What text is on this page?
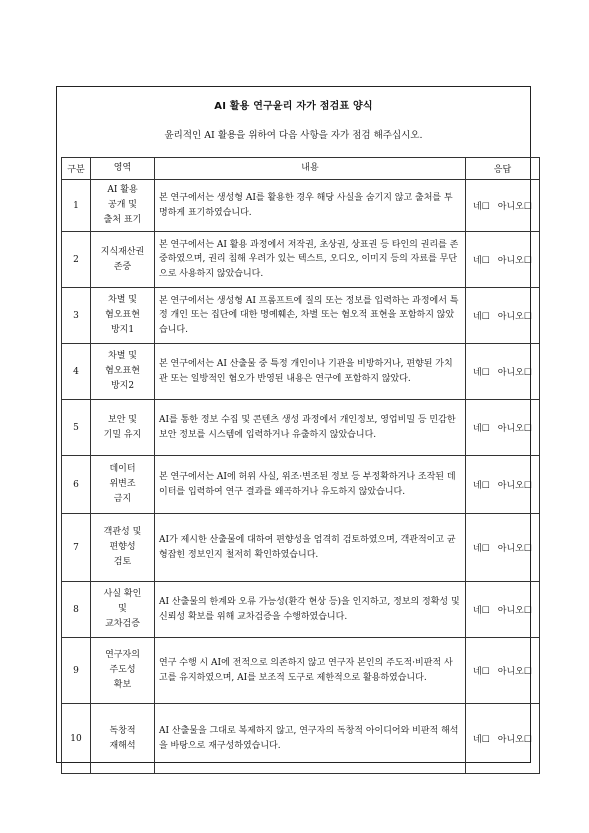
AI 활용 연구윤리 자가 점검표 양식
윤리적인 AI 활용을 위하여 다음 사항을 자가 점검 해주십시오.
구분	영역	내용	응답
1	AI 활용
공개 및
출처 표기	본 연구에서는 생성형 AI를 활용한 경우 해당 사실을 숨기지 않고 출처를 투명하게 표기하였습니다.	네☐ 아니오☐
2	지식재산권
존중	본 연구에서는 AI 활용 과정에서 저작권, 초상권, 상표권 등 타인의 권리를 존중하였으며, 권리 침해 우려가 있는 텍스트, 오디오, 이미지 등의 자료를 무단으로 사용하지 않았습니다.	네☐ 아니오☐
3	차별 및
혐오표현
방지1	본 연구에서는 생성형 AI 프롬프트에 질의 또는 정보를 입력하는 과정에서 특정 개인 또는 집단에 대한 명예훼손, 차별 또는 혐오적 표현을 포함하지 않았습니다.	네☐ 아니오☐
4	차별 및
혐오표현
방지2	본 연구에서는 AI 산출물 중 특정 개인이나 기관을 비방하거나, 편향된 가치관 또는 일방적인 혐오가 반영된 내용은 연구에 포함하지 않았다.	네☐ 아니오☐
5	보안 및
기밀 유지	AI를 통한 정보 수집 및 콘텐츠 생성 과정에서 개인정보, 영업비밀 등 민감한 보안 정보를 시스템에 입력하거나 유출하지 않았습니다.	네☐ 아니오☐
6	데이터
위변조
금지	본 연구에서는 AI에 허위 사실, 위조·변조된 정보 등 부정확하거나 조작된 데이터를 입력하여 연구 결과를 왜곡하거나 유도하지 않았습니다.	네☐ 아니오☐
7	객관성 및
편향성
검토	AI가 제시한 산출물에 대하여 편향성을 엄격히 검토하였으며, 객관적이고 균형잡힌 정보인지 철저히 확인하였습니다.	네☐ 아니오☐
8	사실 확인
및
교차검증	AI 산출물의 한계와 오류 가능성(환각 현상 등)을 인지하고, 정보의 정확성 및 신뢰성 확보를 위해 교차검증을 수행하였습니다.	네☐ 아니오☐
9	연구자의
주도성
확보	연구 수행 시 AI에 전적으로 의존하지 않고 연구자 본인의 주도적·비판적 사고를 유지하였으며, AI를 보조적 도구로 제한적으로 활용하였습니다.	네☐ 아니오☐
10	독창적
재해석	AI 산출물을 그대로 복제하지 않고, 연구자의 독창적 아이디어와 비판적 해석을 바탕으로 재구성하였습니다.	네☐ 아니오☐
